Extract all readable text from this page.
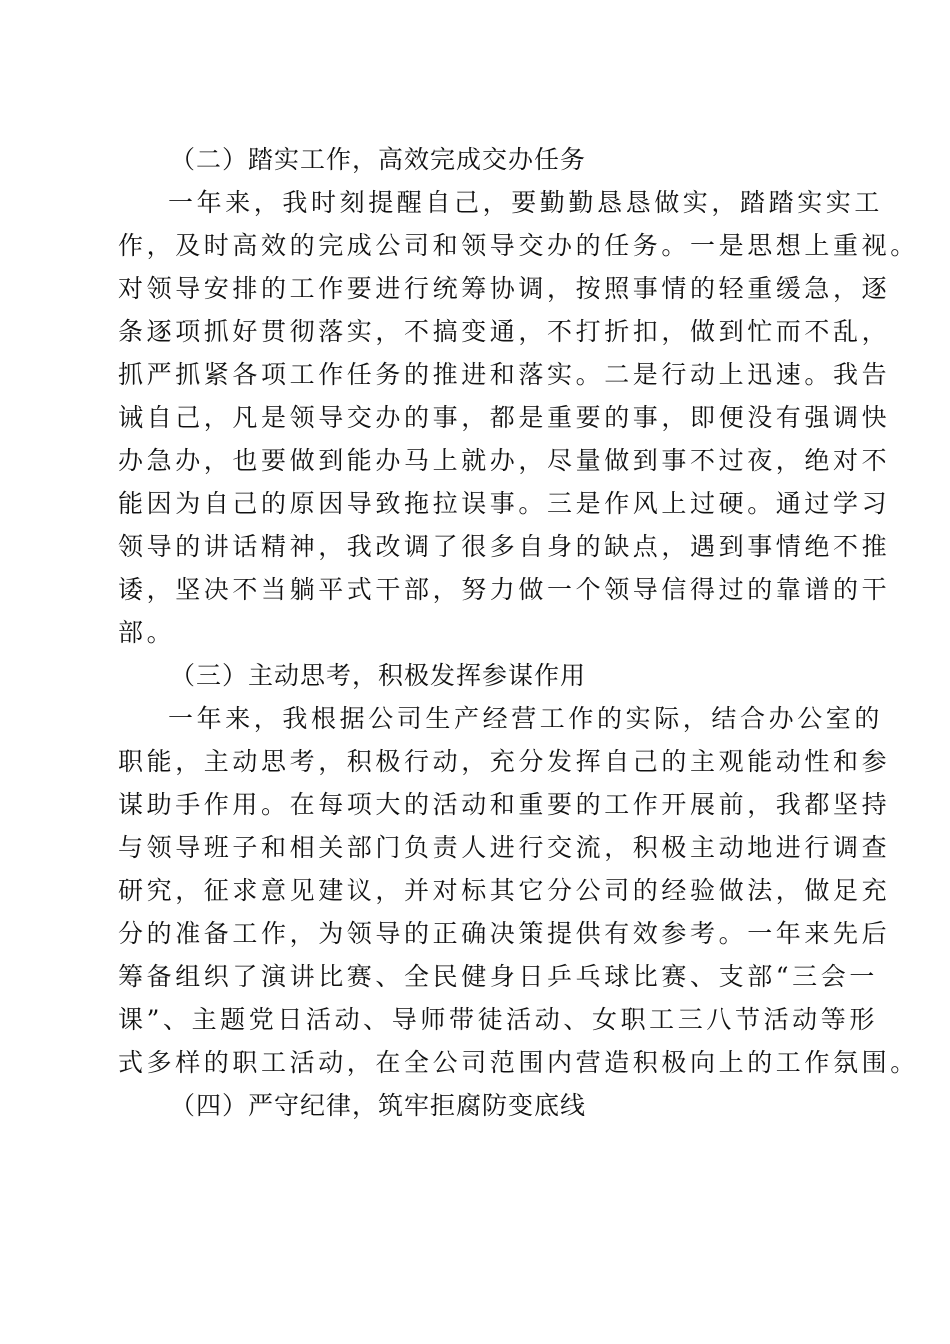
（二）踏实工作，高效完成交办任务
一年来，我时刻提醒自己，要勤勤恳恳做实，踏踏实实工
作，及时高效的完成公司和领导交办的任务。一是思想上重视。
对领导安排的工作要进行统筹协调，按照事情的轻重缓急，逐
条逐项抓好贯彻落实，不搞变通，不打折扣，做到忙而不乱，
抓严抓紧各项工作任务的推进和落实。二是行动上迅速。我告
诫自己，凡是领导交办的事，都是重要的事，即便没有强调快
办急办，也要做到能办马上就办，尽量做到事不过夜，绝对不
能因为自己的原因导致拖拉误事。三是作风上过硬。通过学习
领导的讲话精神，我改调了很多自身的缺点，遇到事情绝不推
诿，坚决不当躺平式干部，努力做一个领导信得过的靠谱的干
部。
（三）主动思考，积极发挥参谋作用
一年来，我根据公司生产经营工作的实际，结合办公室的
职能，主动思考，积极行动，充分发挥自己的主观能动性和参
谋助手作用。在每项大的活动和重要的工作开展前，我都坚持
与领导班子和相关部门负责人进行交流，积极主动地进行调查
研究，征求意见建议，并对标其它分公司的经验做法，做足充
分的准备工作，为领导的正确决策提供有效参考。一年来先后
筹备组织了演讲比赛、全民健身日乒乓球比赛、支部“三会一
课”、主题党日活动、导师带徒活动、女职工三八节活动等形
式多样的职工活动，在全公司范围内营造积极向上的工作氛围。
（四）严守纪律，筑牢拒腐防变底线
